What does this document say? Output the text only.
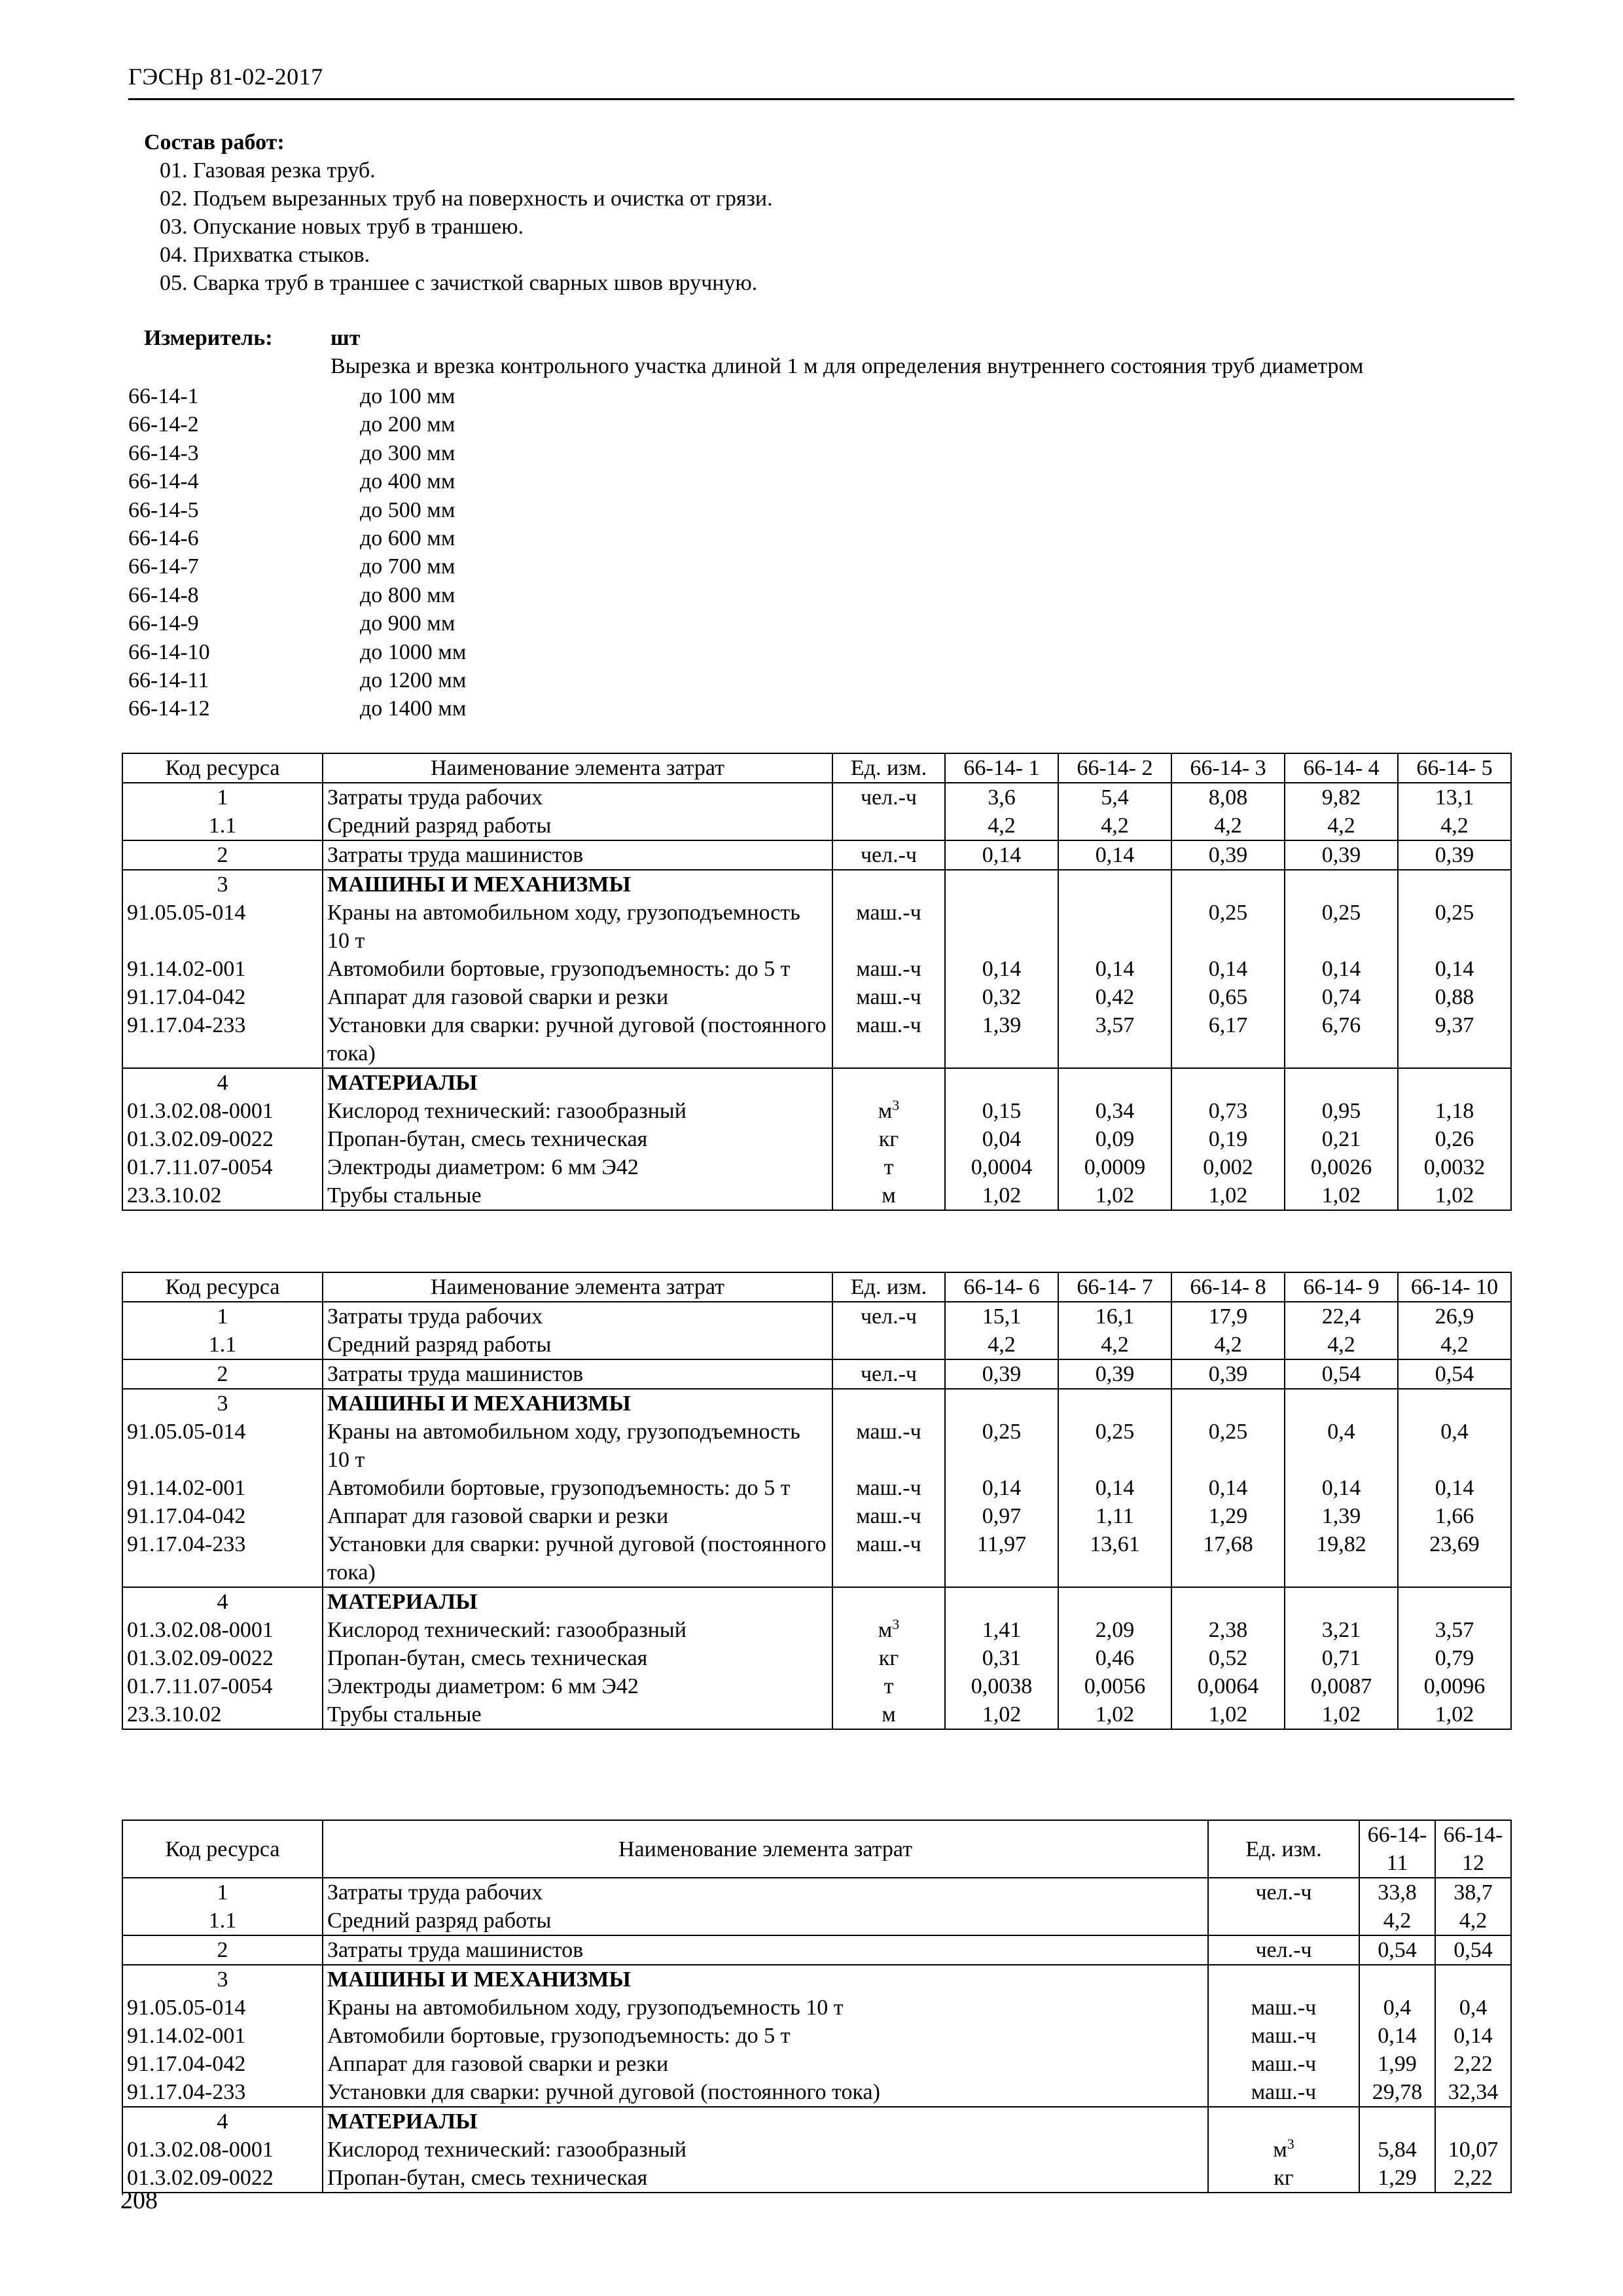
ГЭСНр 81-02-2017
Состав работ:
01. Газовая резка труб.
02. Подъем вырезанных труб на поверхность и очистка от грязи.
03. Опускание новых труб в траншею.
04. Прихватка стыков.
05. Сварка труб в траншее с зачисткой сварных швов вручную.
Измеритель:	шт
Вырезка и врезка контрольного участка длиной 1 м для определения внутреннего состояния труб диаметром
66-14-1	до 100 мм
66-14-2	до 200 мм
66-14-3	до 300 мм
66-14-4	до 400 мм
66-14-5	до 500 мм
66-14-6	до 600 мм
66-14-7	до 700 мм
66-14-8	до 800 мм
66-14-9	до 900 мм
66-14-10	до 1000 мм
66-14-11	до 1200 мм
66-14-12	до 1400 мм
Код ресурса	Наименование элемента затрат	Ед. изм.	66-14- 1	66-14- 2	66-14- 3	66-14- 4	66-14- 5
1	Затраты труда рабочих	чел.-ч	3,6	5,4	8,08	9,82	13,1
1.1	Средний разряд работы		4,2	4,2	4,2	4,2	4,2
2	Затраты труда машинистов	чел.-ч	0,14	0,14	0,39	0,39	0,39
3	МАШИНЫ И МЕХАНИЗМЫ						
91.05.05-014	Краны на автомобильном ходу, грузоподъемность 10 т	маш.-ч			0,25	0,25	0,25
91.14.02-001	Автомобили бортовые, грузоподъемность: до 5 т	маш.-ч	0,14	0,14	0,14	0,14	0,14
91.17.04-042	Аппарат для газовой сварки и резки	маш.-ч	0,32	0,42	0,65	0,74	0,88
91.17.04-233	Установки для сварки: ручной дуговой (постоянного тока)	маш.-ч	1,39	3,57	6,17	6,76	9,37
4	МАТЕРИАЛЫ						
01.3.02.08-0001	Кислород технический: газообразный	$м^3$	0,15	0,34	0,73	0,95	1,18
01.3.02.09-0022	Пропан-бутан, смесь техническая	кг	0,04	0,09	0,19	0,21	0,26
01.7.11.07-0054	Электроды диаметром: 6 мм Э42	т	0,0004	0,0009	0,002	0,0026	0,0032
23.3.10.02	Трубы стальные	м	1,02	1,02	1,02	1,02	1,02
Код ресурса	Наименование элемента затрат	Ед. изм.	66-14- 6	66-14- 7	66-14- 8	66-14- 9	66-14- 10
1	Затраты труда рабочих	чел.-ч	15,1	16,1	17,9	22,4	26,9
1.1	Средний разряд работы		4,2	4,2	4,2	4,2	4,2
2	Затраты труда машинистов	чел.-ч	0,39	0,39	0,39	0,54	0,54
3	МАШИНЫ И МЕХАНИЗМЫ						
91.05.05-014	Краны на автомобильном ходу, грузоподъемность 10 т	маш.-ч	0,25	0,25	0,25	0,4	0,4
91.14.02-001	Автомобили бортовые, грузоподъемность: до 5 т	маш.-ч	0,14	0,14	0,14	0,14	0,14
91.17.04-042	Аппарат для газовой сварки и резки	маш.-ч	0,97	1,11	1,29	1,39	1,66
91.17.04-233	Установки для сварки: ручной дуговой (постоянного тока)	маш.-ч	11,97	13,61	17,68	19,82	23,69
4	МАТЕРИАЛЫ						
01.3.02.08-0001	Кислород технический: газообразный	$м^3$	1,41	2,09	2,38	3,21	3,57
01.3.02.09-0022	Пропан-бутан, смесь техническая	кг	0,31	0,46	0,52	0,71	0,79
01.7.11.07-0054	Электроды диаметром: 6 мм Э42	т	0,0038	0,0056	0,0064	0,0087	0,0096
23.3.10.02	Трубы стальные	м	1,02	1,02	1,02	1,02	1,02
Код ресурса	Наименование элемента затрат	Ед. изм.	66-14- 11	66-14- 12
1	Затраты труда рабочих	чел.-ч	33,8	38,7
1.1	Средний разряд работы		4,2	4,2
2	Затраты труда машинистов	чел.-ч	0,54	0,54
3	МАШИНЫ И МЕХАНИЗМЫ			
91.05.05-014	Краны на автомобильном ходу, грузоподъемность 10 т	маш.-ч	0,4	0,4
91.14.02-001	Автомобили бортовые, грузоподъемность: до 5 т	маш.-ч	0,14	0,14
91.17.04-042	Аппарат для газовой сварки и резки	маш.-ч	1,99	2,22
91.17.04-233	Установки для сварки: ручной дуговой (постоянного тока)	маш.-ч	29,78	32,34
4	МАТЕРИАЛЫ			
01.3.02.08-0001	Кислород технический: газообразный	$м^3$	5,84	10,07
01.3.02.09-0022	Пропан-бутан, смесь техническая	кг	1,29	2,22
208
